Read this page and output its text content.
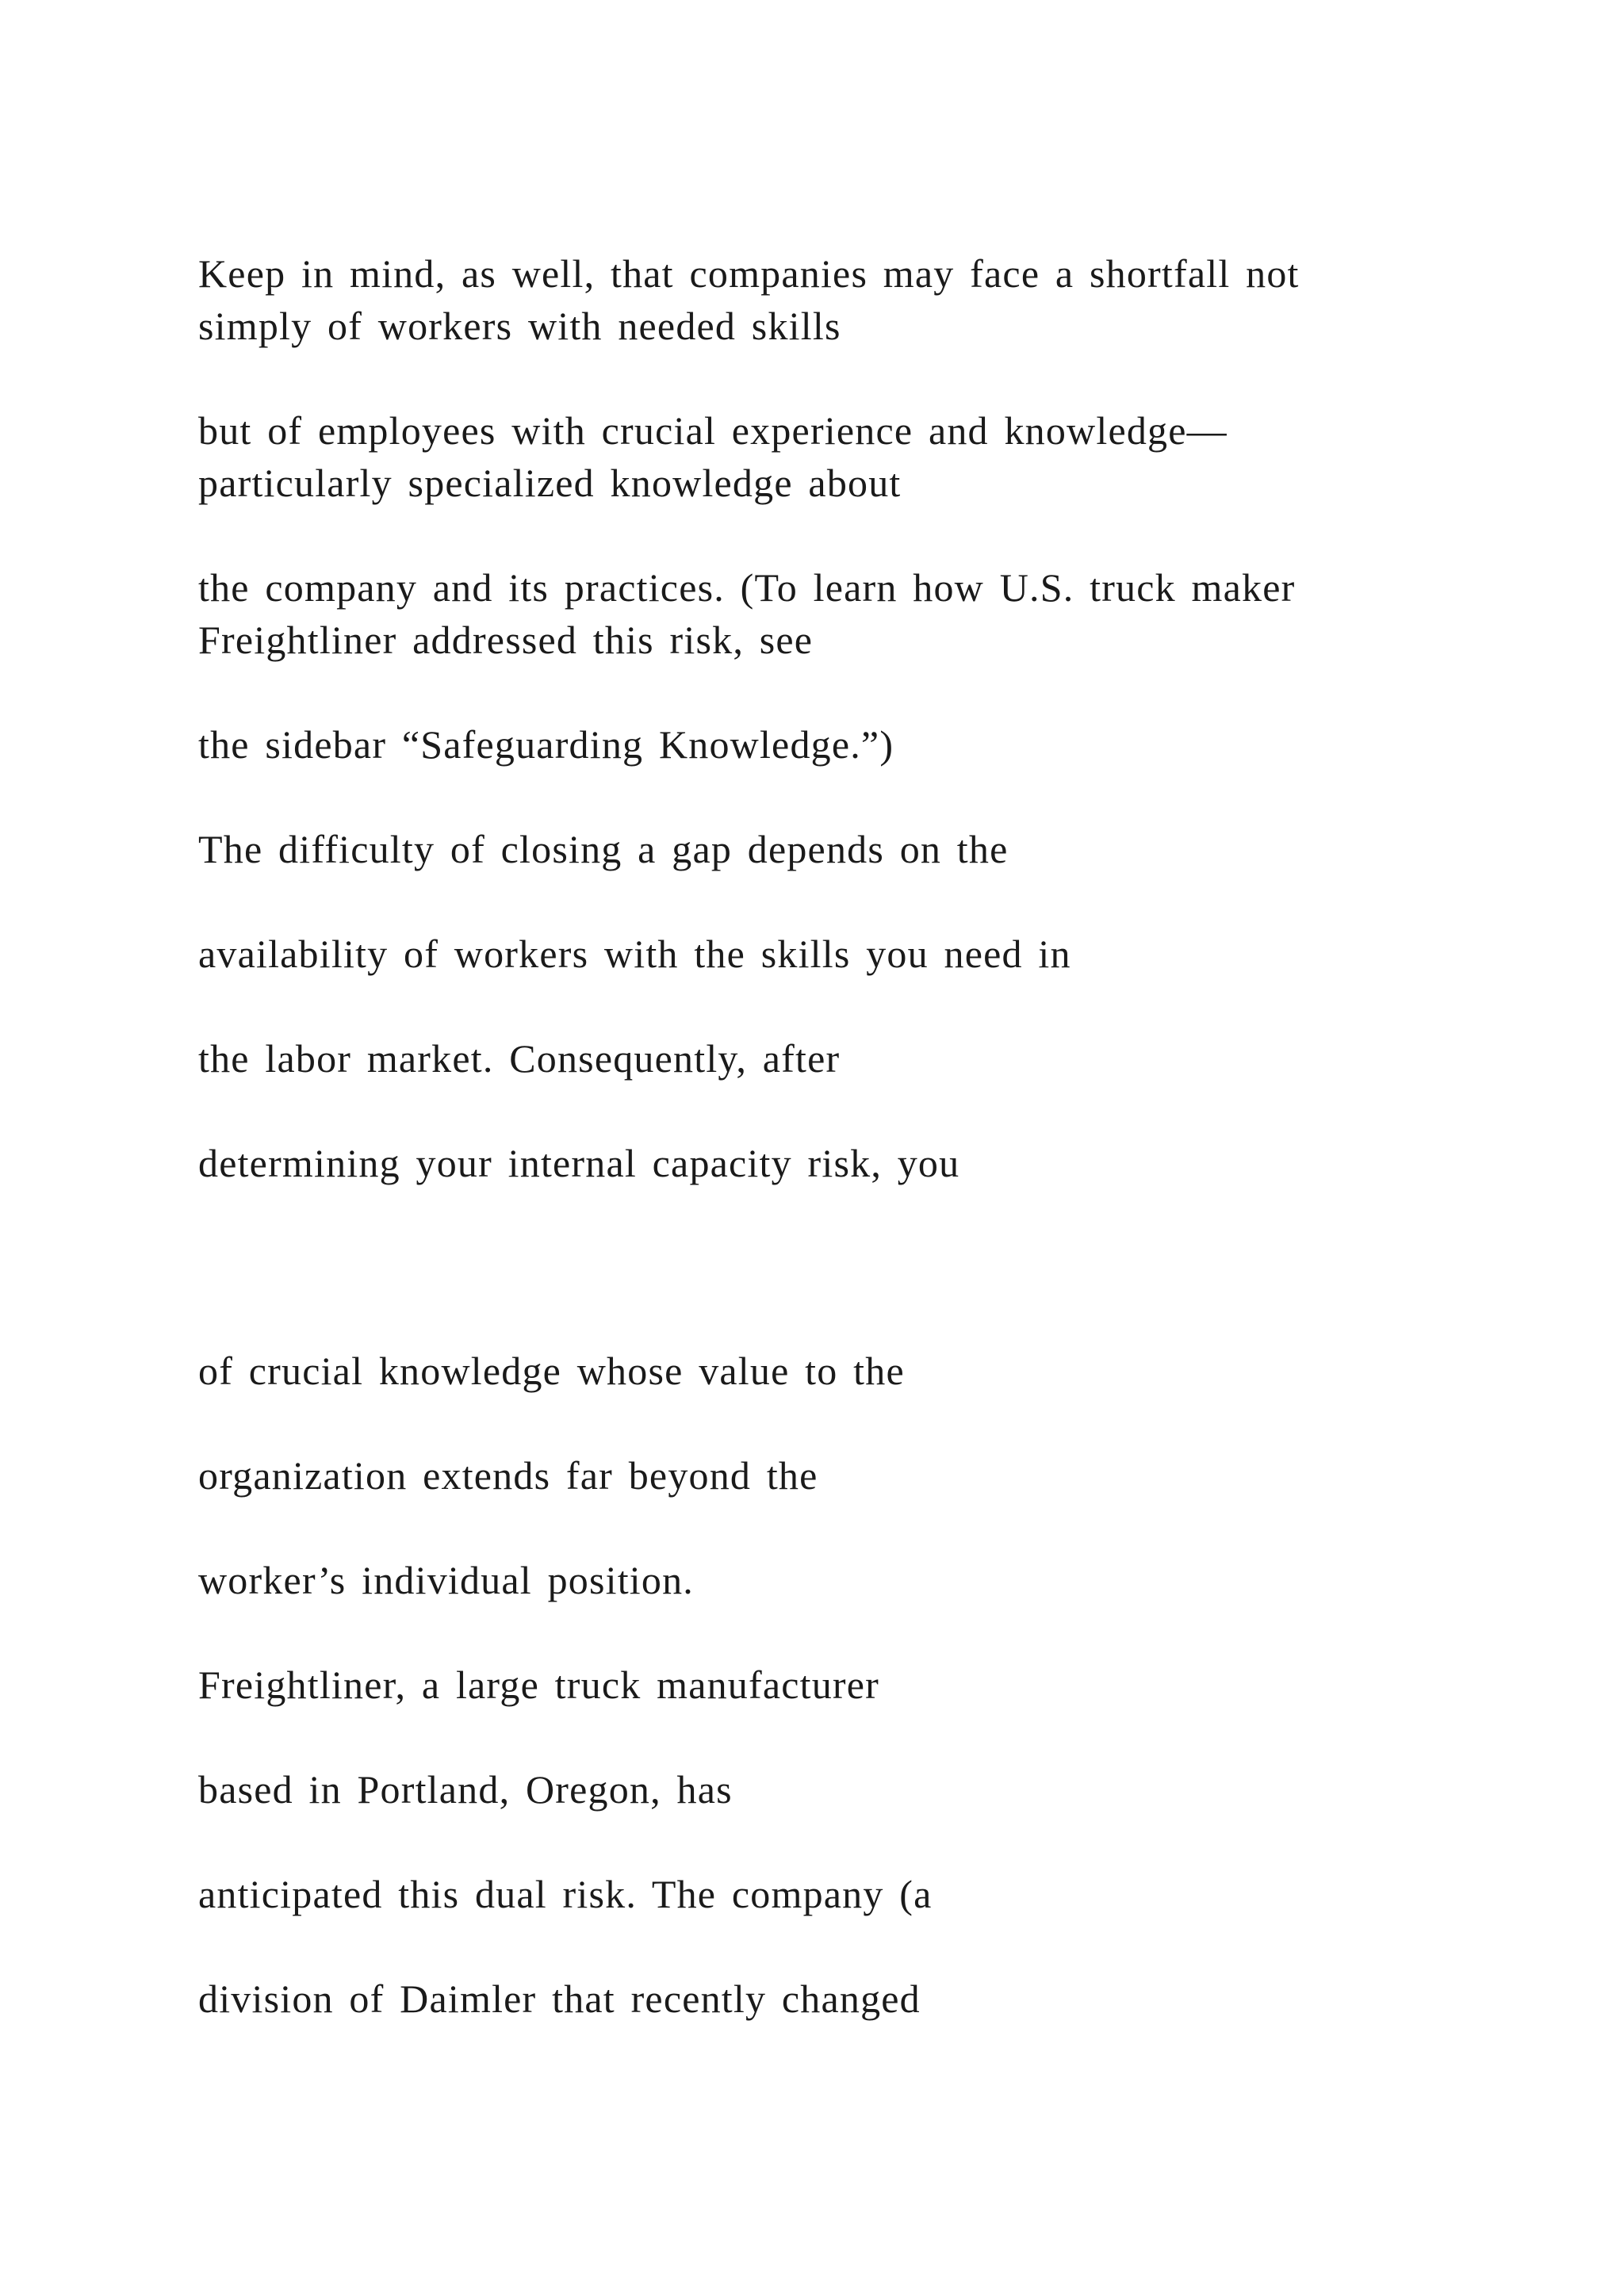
Keep in mind, as well, that companies may face a shortfall not

simply of workers with needed skills

but of employees with crucial experience and knowledge—

particularly specialized knowledge about

the company and its practices. (To learn how U.S. truck maker

Freightliner addressed this risk, see

the sidebar “Safeguarding Knowledge.”)

The difficulty of closing a gap depends on the

availability of workers with the skills you need in

the labor market. Consequently, after

determining your internal capacity risk, you

of crucial knowledge whose value to the

organization extends far beyond the

worker’s individual position.

Freightliner, a large truck manufacturer

based in Portland, Oregon, has

anticipated this dual risk. The company (a

division of Daimler that recently changed
